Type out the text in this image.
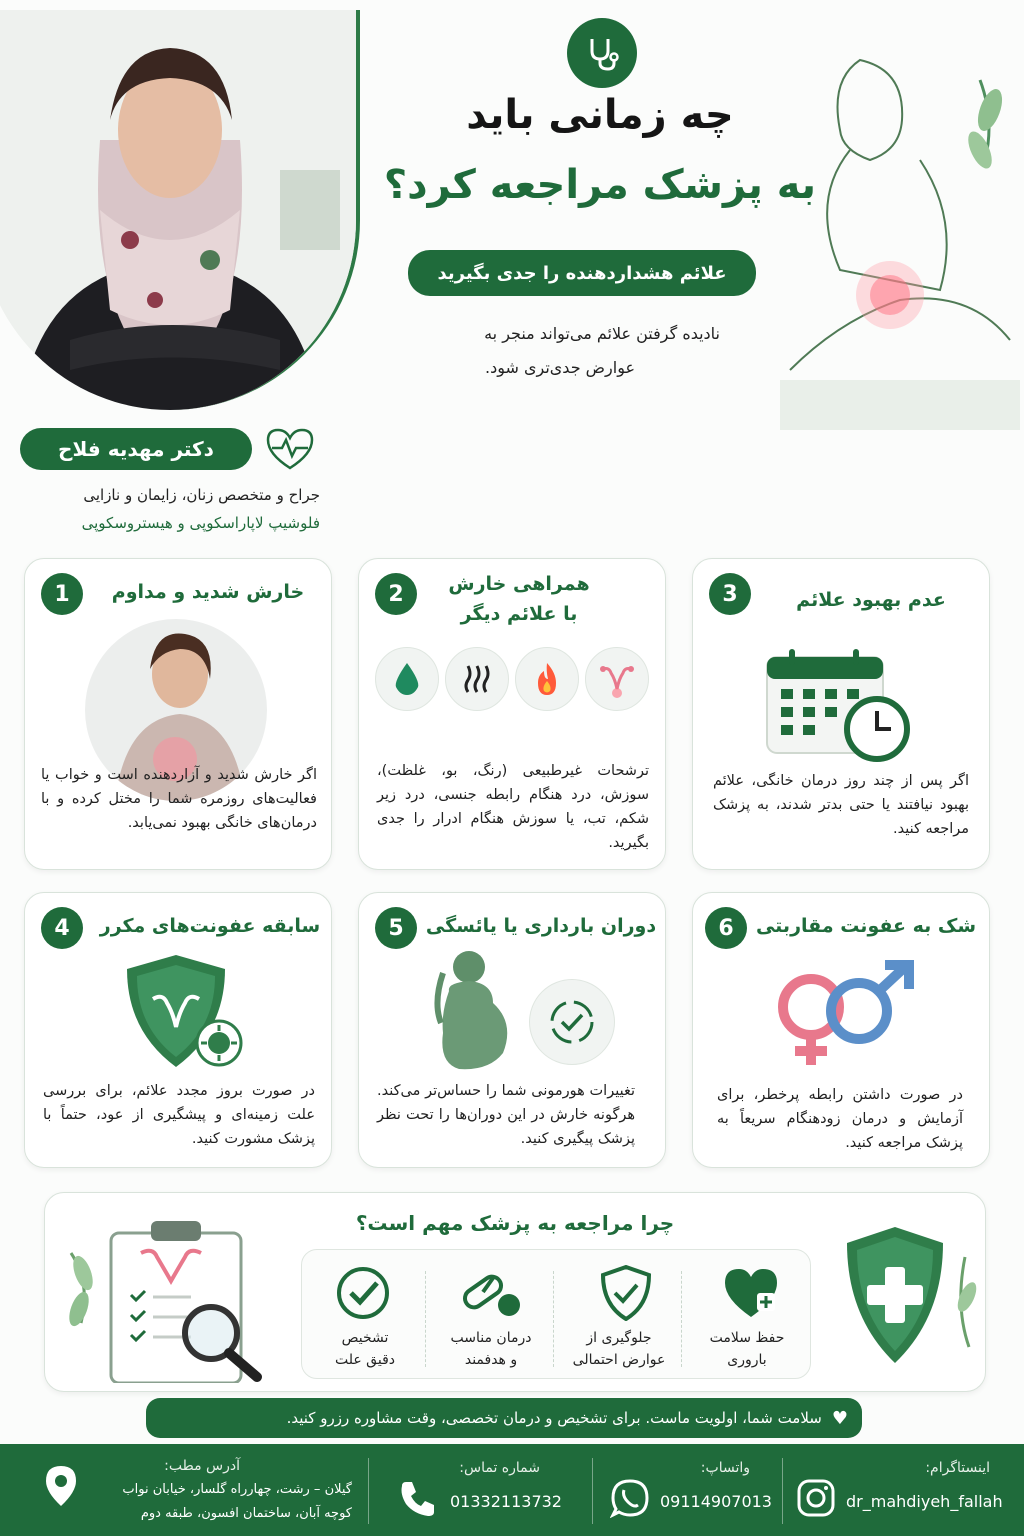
چه زمانی باید
به پزشک مراجعه کرد؟
علائم هشداردهنده را جدی بگیرید
نادیده گرفتن علائم می‌تواند منجر به
عوارض جدی‌تری شود.
دکتر مهدیه فلاح
جراح و متخصص زنان، زایمان و نازایی
فلوشیپ لاپاراسکوپی و هیستروسکوپی
1	خارش شدید و مداوم
اگر خارش شدید و آزاردهنده است و خواب یا فعالیت‌های روزمره شما را مختل کرده و با درمان‌های خانگی بهبود نمی‌یابد.
2	همراهی خارش
با علائم دیگر
ترشحات غیرطبیعی (رنگ، بو، غلظت)، سوزش، درد هنگام رابطه جنسی، درد زیر شکم، تب، یا سوزش هنگام ادرار را جدی بگیرید.
3	عدم بهبود علائم
اگر پس از چند روز درمان خانگی، علائم بهبود نیافتند یا حتی بدتر شدند، به پزشک مراجعه کنید.
4	سابقه عفونت‌های مکرر
در صورت بروز مجدد علائم، برای بررسی علت زمینه‌ای و پیشگیری از عود، حتماً با پزشک مشورت کنید.
5	دوران بارداری یا یائسگی
تغییرات هورمونی شما را حساس‌تر می‌کند. هرگونه خارش در این دوران‌ها را تحت نظر پزشک پیگیری کنید.
6	شک به عفونت مقاربتی
در صورت داشتن رابطه پرخطر، برای آزمایش و درمان زودهنگام سریعاً به پزشک مراجعه کنید.
چرا مراجعه به پزشک مهم است؟
حفظ سلامت
باروری
جلوگیری از
عوارض احتمالی
درمان مناسب
و هدفمند
تشخیص
دقیق علت
♥
سلامت شما، اولویت ماست. برای تشخیص و درمان تخصصی، وقت مشاوره رزرو کنید.
اینستاگرام:
dr_mahdiyeh_fallah
واتساپ:
09114907013
شماره تماس:
01332113732
آدرس مطب:
گیلان – رشت، چهارراه گلسار، خیابان نواب
کوچه آبان، ساختمان افسون، طبقه دوم
